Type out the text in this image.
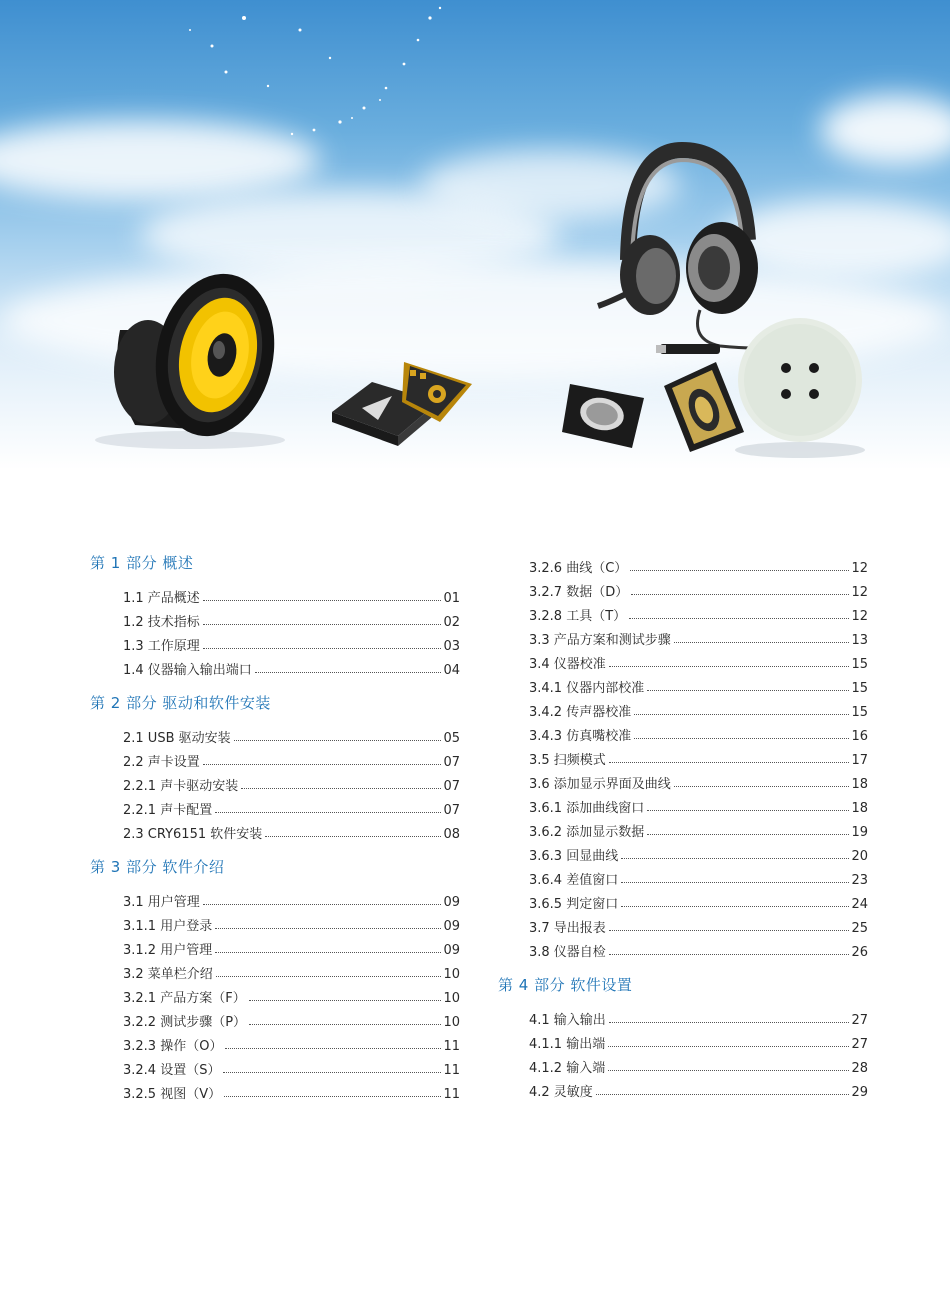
第 1 部分 概述
1.1 产品概述	01
1.2 技术指标	02
1.3 工作原理	03
1.4 仪器输入输出端口	04
第 2 部分 驱动和软件安装
2.1 USB 驱动安装	05
2.2 声卡设置	07
2.2.1 声卡驱动安装	07
2.2.1 声卡配置	07
2.3 CRY6151 软件安装	08
第 3 部分 软件介绍
3.1 用户管理	09
3.1.1 用户登录	09
3.1.2 用户管理	09
3.2 菜单栏介绍	10
3.2.1 产品方案（F）	10
3.2.2 测试步骤（P）	10
3.2.3 操作（O）	11
3.2.4 设置（S）	11
3.2.5 视图（V）	11
3.2.6 曲线（C）	12
3.2.7 数据（D）	12
3.2.8 工具（T）	12
3.3 产品方案和测试步骤	13
3.4 仪器校准	15
3.4.1 仪器内部校准	15
3.4.2 传声器校准	15
3.4.3 仿真嘴校准	16
3.5 扫频模式	17
3.6 添加显示界面及曲线	18
3.6.1 添加曲线窗口	18
3.6.2 添加显示数据	19
3.6.3 回显曲线	20
3.6.4 差值窗口	23
3.6.5 判定窗口	24
3.7 导出报表	25
3.8 仪器自检	26
第 4 部分 软件设置
4.1 输入输出	27
4.1.1 输出端	27
4.1.2 输入端	28
4.2 灵敏度	29
